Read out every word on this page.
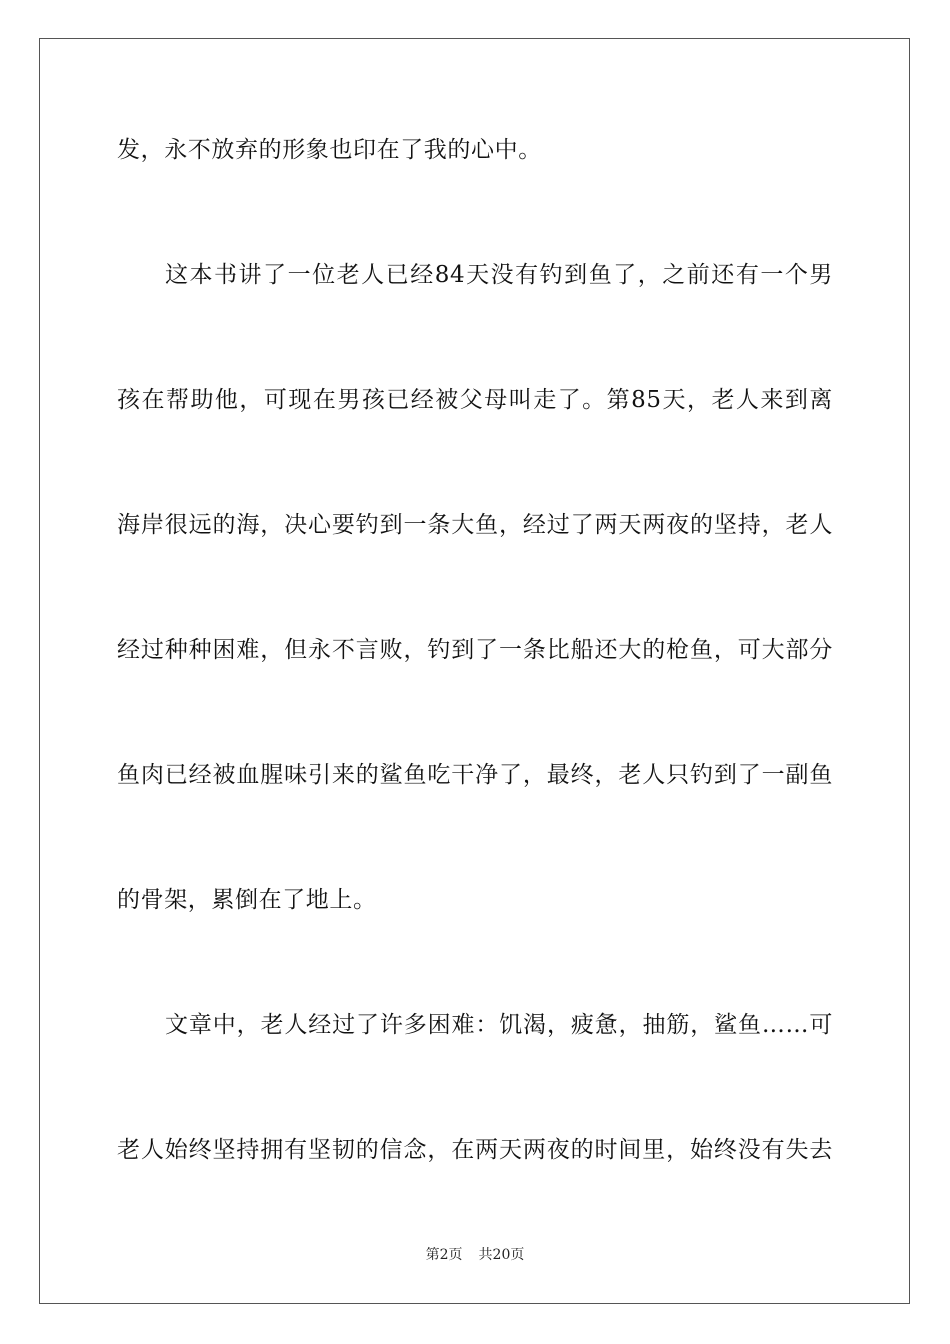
发，永不放弃的形象也印在了我的心中。
这本书讲了一位老人已经84天没有钓到鱼了，之前还有一个男
孩在帮助他，可现在男孩已经被父母叫走了。第85天，老人来到离
海岸很远的海，决心要钓到一条大鱼，经过了两天两夜的坚持，老人
经过种种困难，但永不言败，钓到了一条比船还大的枪鱼，可大部分
鱼肉已经被血腥味引来的鲨鱼吃干净了，最终，老人只钓到了一副鱼
的骨架，累倒在了地上。
文章中，老人经过了许多困难：饥渴，疲惫，抽筋，鲨鱼……可
老人始终坚持拥有坚韧的信念，在两天两夜的时间里，始终没有失去
第2页 共20页
